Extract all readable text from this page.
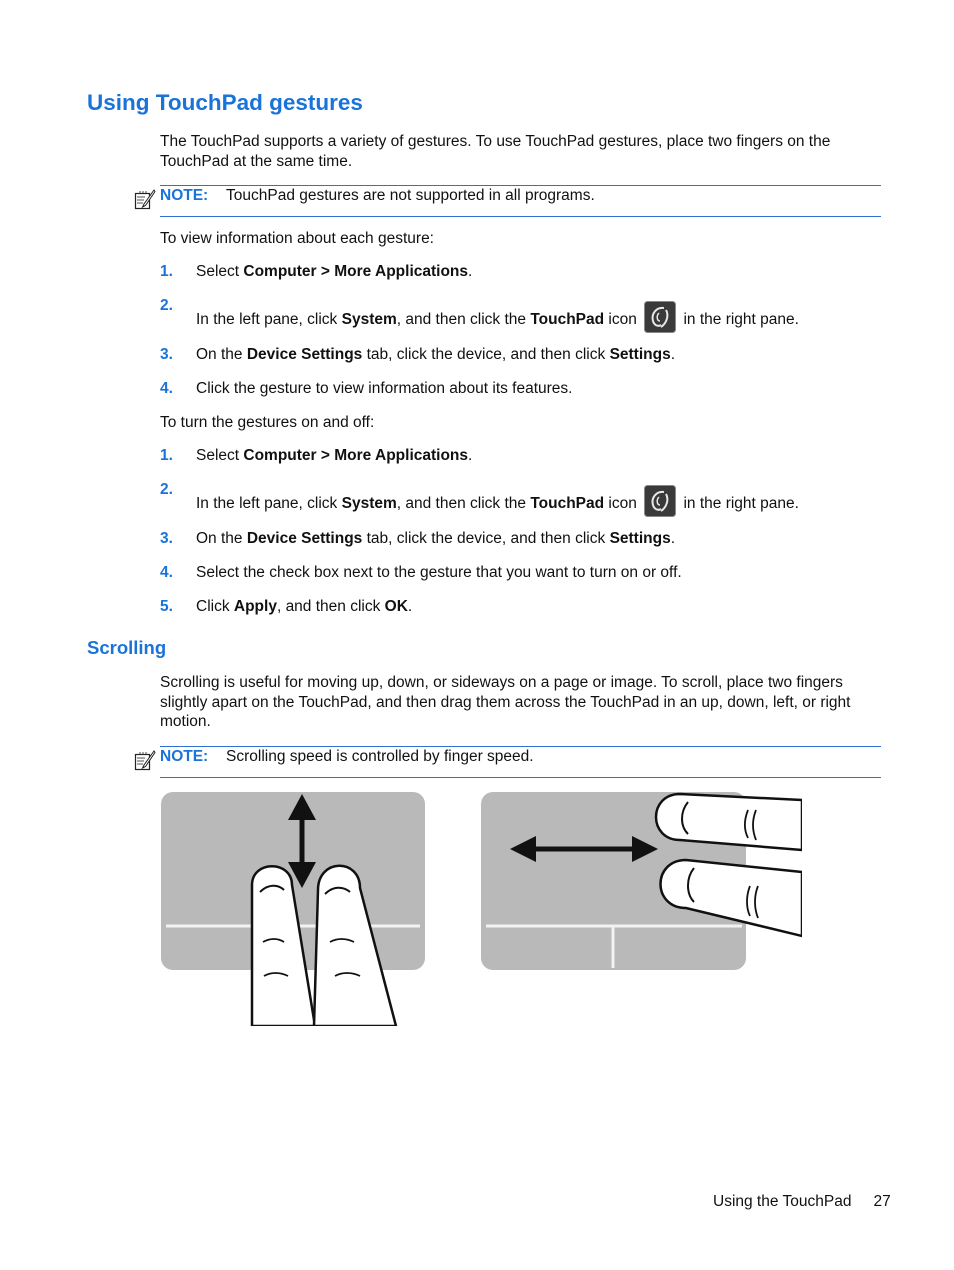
Using TouchPad gestures
The TouchPad supports a variety of gestures. To use TouchPad gestures, place two fingers on the TouchPad at the same time.
NOTE: TouchPad gestures are not supported in all programs.
To view information about each gesture:
1. Select Computer > More Applications.
2.
In the left pane, click System, and then click the TouchPad icon	in the right pane.
3. On the Device Settings tab, click the device, and then click Settings.
4. Click the gesture to view information about its features.
To turn the gestures on and off:
1. Select Computer > More Applications.
2.
In the left pane, click System, and then click the TouchPad icon	in the right pane.
3. On the Device Settings tab, click the device, and then click Settings.
4. Select the check box next to the gesture that you want to turn on or off.
5. Click Apply, and then click OK.
Scrolling
Scrolling is useful for moving up, down, or sideways on a page or image. To scroll, place two fingers slightly apart on the TouchPad, and then drag them across the TouchPad in an up, down, left, or right motion.
NOTE: Scrolling speed is controlled by finger speed.
Using the TouchPad 27
